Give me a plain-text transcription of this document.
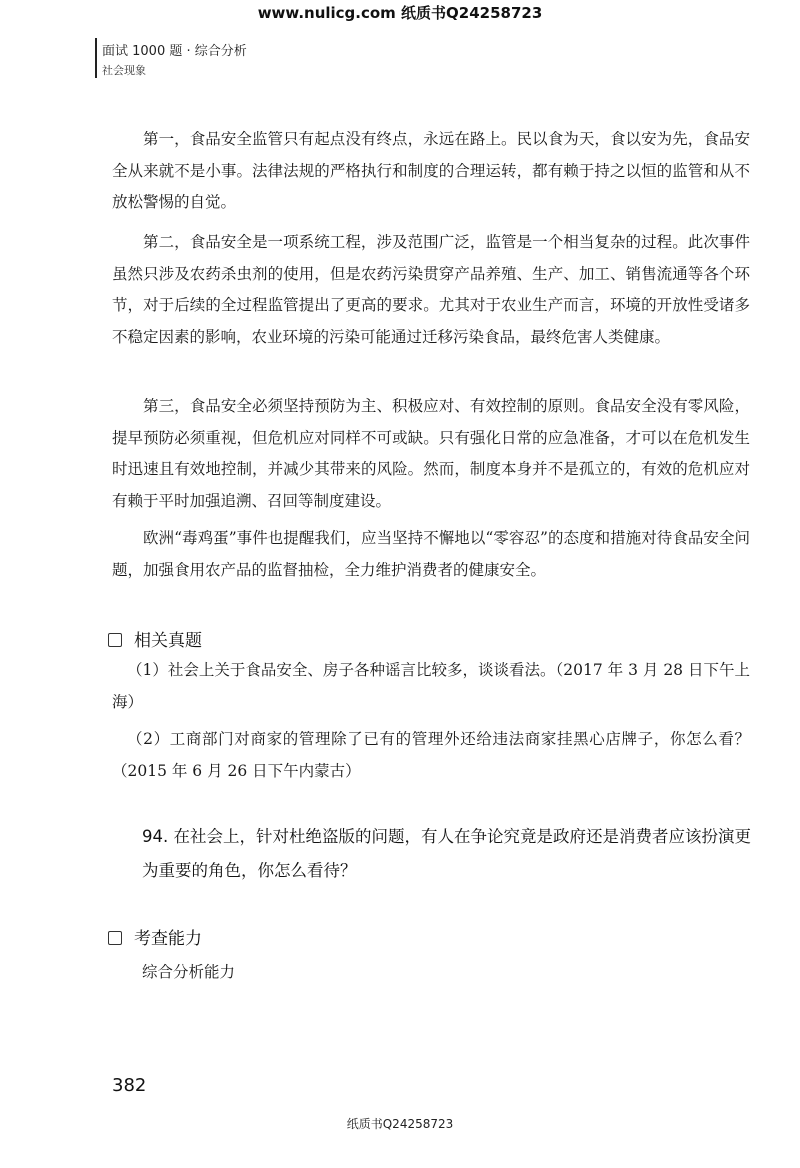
www.nulicg.com 纸质书Q24258723
面试 1000 题 · 综合分析
社会现象
第一，食品安全监管只有起点没有终点，永远在路上。民以食为天，食以安为先，食品安全从来就不是小事。法律法规的严格执行和制度的合理运转，都有赖于持之以恒的监管和从不放松警惕的自觉。
第二，食品安全是一项系统工程，涉及范围广泛，监管是一个相当复杂的过程。此次事件虽然只涉及农药杀虫剂的使用，但是农药污染贯穿产品养殖、生产、加工、销售流通等各个环节，对于后续的全过程监管提出了更高的要求。尤其对于农业生产而言，环境的开放性受诸多不稳定因素的影响，农业环境的污染可能通过迁移污染食品，最终危害人类健康。
第三，食品安全必须坚持预防为主、积极应对、有效控制的原则。食品安全没有零风险，提早预防必须重视，但危机应对同样不可或缺。只有强化日常的应急准备，才可以在危机发生时迅速且有效地控制，并减少其带来的风险。然而，制度本身并不是孤立的，有效的危机应对有赖于平时加强追溯、召回等制度建设。
欧洲“毒鸡蛋”事件也提醒我们，应当坚持不懈地以“零容忍”的态度和措施对待食品安全问题，加强食用农产品的监督抽检，全力维护消费者的健康安全。
相关真题
（1）社会上关于食品安全、房子各种谣言比较多，谈谈看法。（2017 年 3 月 28 日下午上海）
（2）工商部门对商家的管理除了已有的管理外还给违法商家挂黑心店牌子，你怎么看？（2015 年 6 月 26 日下午内蒙古）
94. 在社会上，针对杜绝盗版的问题，有人在争论究竟是政府还是消费者应该扮演更为重要的角色，你怎么看待？
考查能力
综合分析能力
382
纸质书Q24258723
